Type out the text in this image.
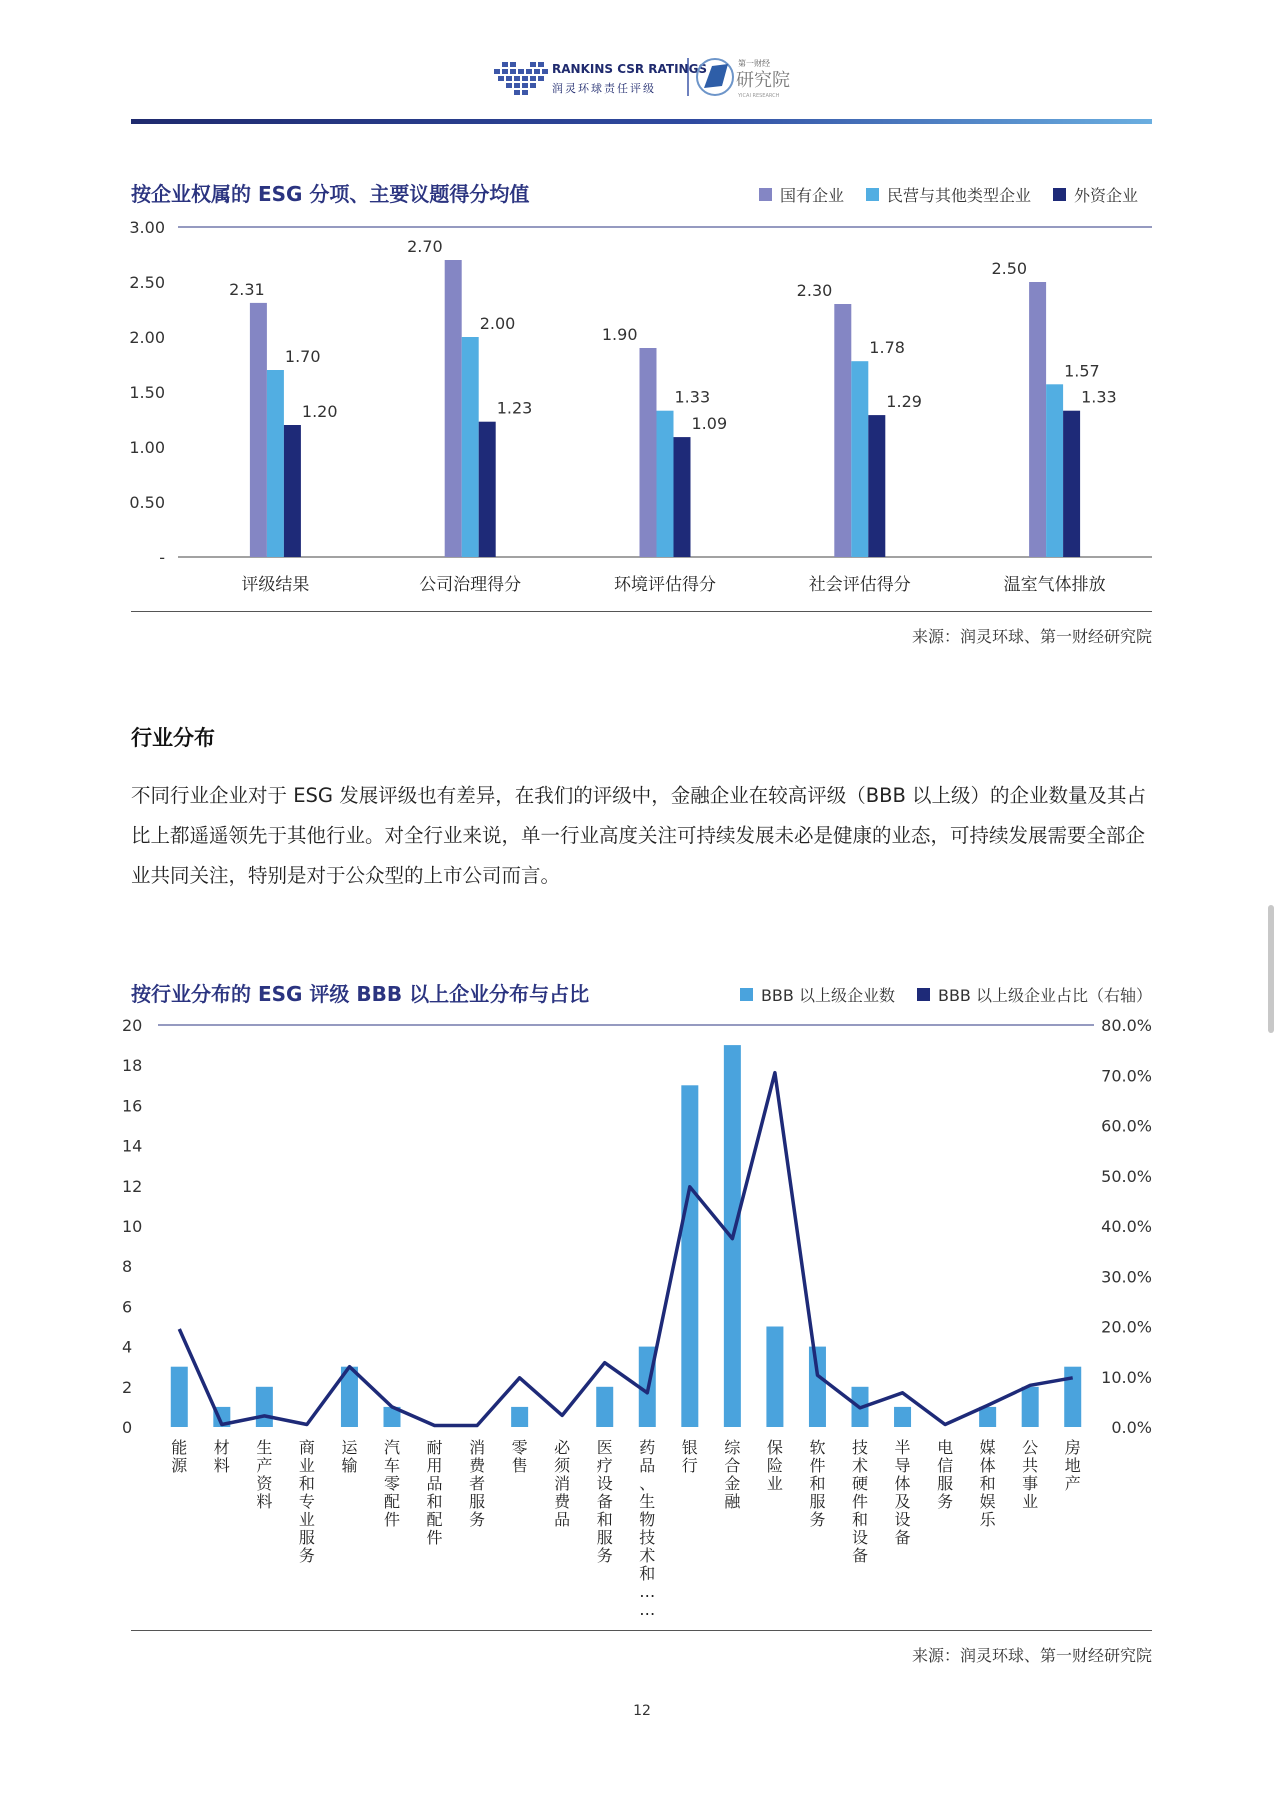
RANKINS CSR RATINGS
润灵环球责任评级
第一财经
研究院
YICAI RESEARCH
按企业权属的 ESG 分项、主要议题得分均值	国有企业	民营与其他类型企业	外资企业
-
0.50
1.00
1.50
2.00
2.50
3.00
评级结果
2.31
1.70
1.20
公司治理得分
2.70
2.00
1.23
环境评估得分
1.90
1.33
1.09
社会评估得分
2.30
1.78
1.29
温室气体排放
2.50
1.57
1.33
来源：润灵环球、第一财经研究院
行业分布
不同行业企业对于 ESG 发展评级也有差异，在我们的评级中，金融企业在较高评级（BBB 以上级）的企业数量及其占比上都遥遥领先于其他行业。对全行业来说，单一行业高度关注可持续发展未必是健康的业态，可持续发展需要全部企业共同关注，特别是对于公众型的上市公司而言。
按行业分布的 ESG 评级 BBB 以上企业分布与占比	BBB 以上级企业数	BBB 以上级企业占比（右轴）
0
2
4
6
8
10
12
14
16
18
20
0.0%
10.0%
20.0%
30.0%
40.0%
50.0%
60.0%
70.0%
80.0%
能
源
材
料
生
产
资
料
商
业
和
专
业
服
务
运
输
汽
车
零
配
件
耐
用
品
和
配
件
消
费
者
服
务
零
售
必
须
消
费
品
医
疗
设
备
和
服
务
药
品
、
生
物
技
术
和
…
…
银
行
综
合
金
融
保
险
业
软
件
和
服
务
技
术
硬
件
和
设
备
半
导
体
及
设
备
电
信
服
务
媒
体
和
娱
乐
公
共
事
业
房
地
产
来源：润灵环球、第一财经研究院
12
